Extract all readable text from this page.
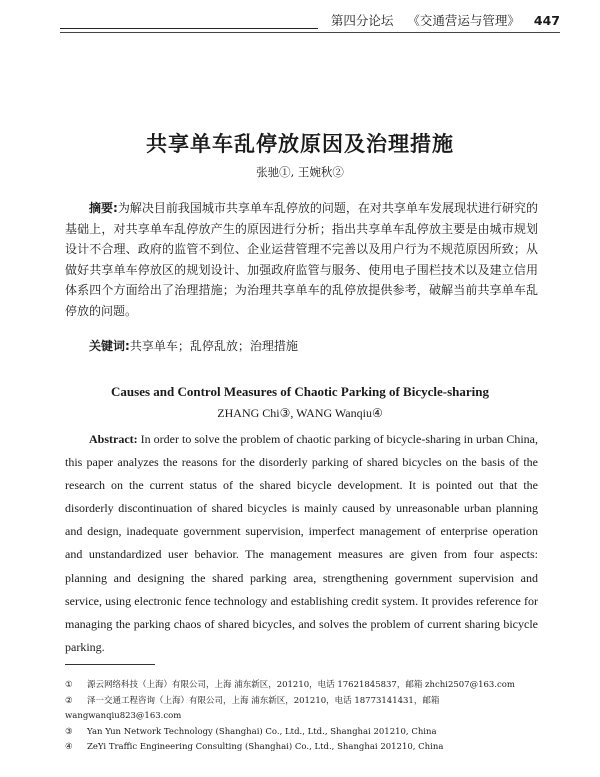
第四分论坛 《交通营运与管理》 447
共享单车乱停放原因及治理措施
张驰①, 王婉秋②
摘要:为解决目前我国城市共享单车乱停放的问题，在对共享单车发展现状进行研究的基础上，对共享单车乱停放产生的原因进行分析；指出共享单车乱停放主要是由城市规划设计不合理、政府的监管不到位、企业运营管理不完善以及用户行为不规范原因所致；从做好共享单车停放区的规划设计、加强政府监管与服务、使用电子围栏技术以及建立信用体系四个方面给出了治理措施；为治理共享单车的乱停放提供参考，破解当前共享单车乱停放的问题。
关键词:共享单车；乱停乱放；治理措施
Causes and Control Measures of Chaotic Parking of Bicycle-sharing
ZHANG Chi③, WANG Wanqiu④
Abstract: In order to solve the problem of chaotic parking of bicycle-sharing in urban China, this paper analyzes the reasons for the disorderly parking of shared bicycles on the basis of the research on the current status of the shared bicycle development. It is pointed out that the disorderly discontinuation of shared bicycles is mainly caused by unreasonable urban planning and design, inadequate government supervision, imperfect management of enterprise operation and unstandardized user behavior. The management measures are given from four aspects: planning and designing the shared parking area, strengthening government supervision and service, using electronic fence technology and establishing credit system. It provides reference for managing the parking chaos of shared bicycles, and solves the problem of current sharing bicycle parking.
① 源云网络科技（上海）有限公司，上海 浦东新区，201210，电话 17621845837，邮箱 zhchi2507@163.com
② 泽一交通工程咨询（上海）有限公司，上海 浦东新区，201210，电话 18773141431，邮箱 wangwanqiu823@163.com
③ Yan Yun Network Technology (Shanghai) Co., Ltd., Ltd., Shanghai 201210, China
④ ZeYi Traffic Engineering Consulting (Shanghai) Co., Ltd., Shanghai 201210, China
